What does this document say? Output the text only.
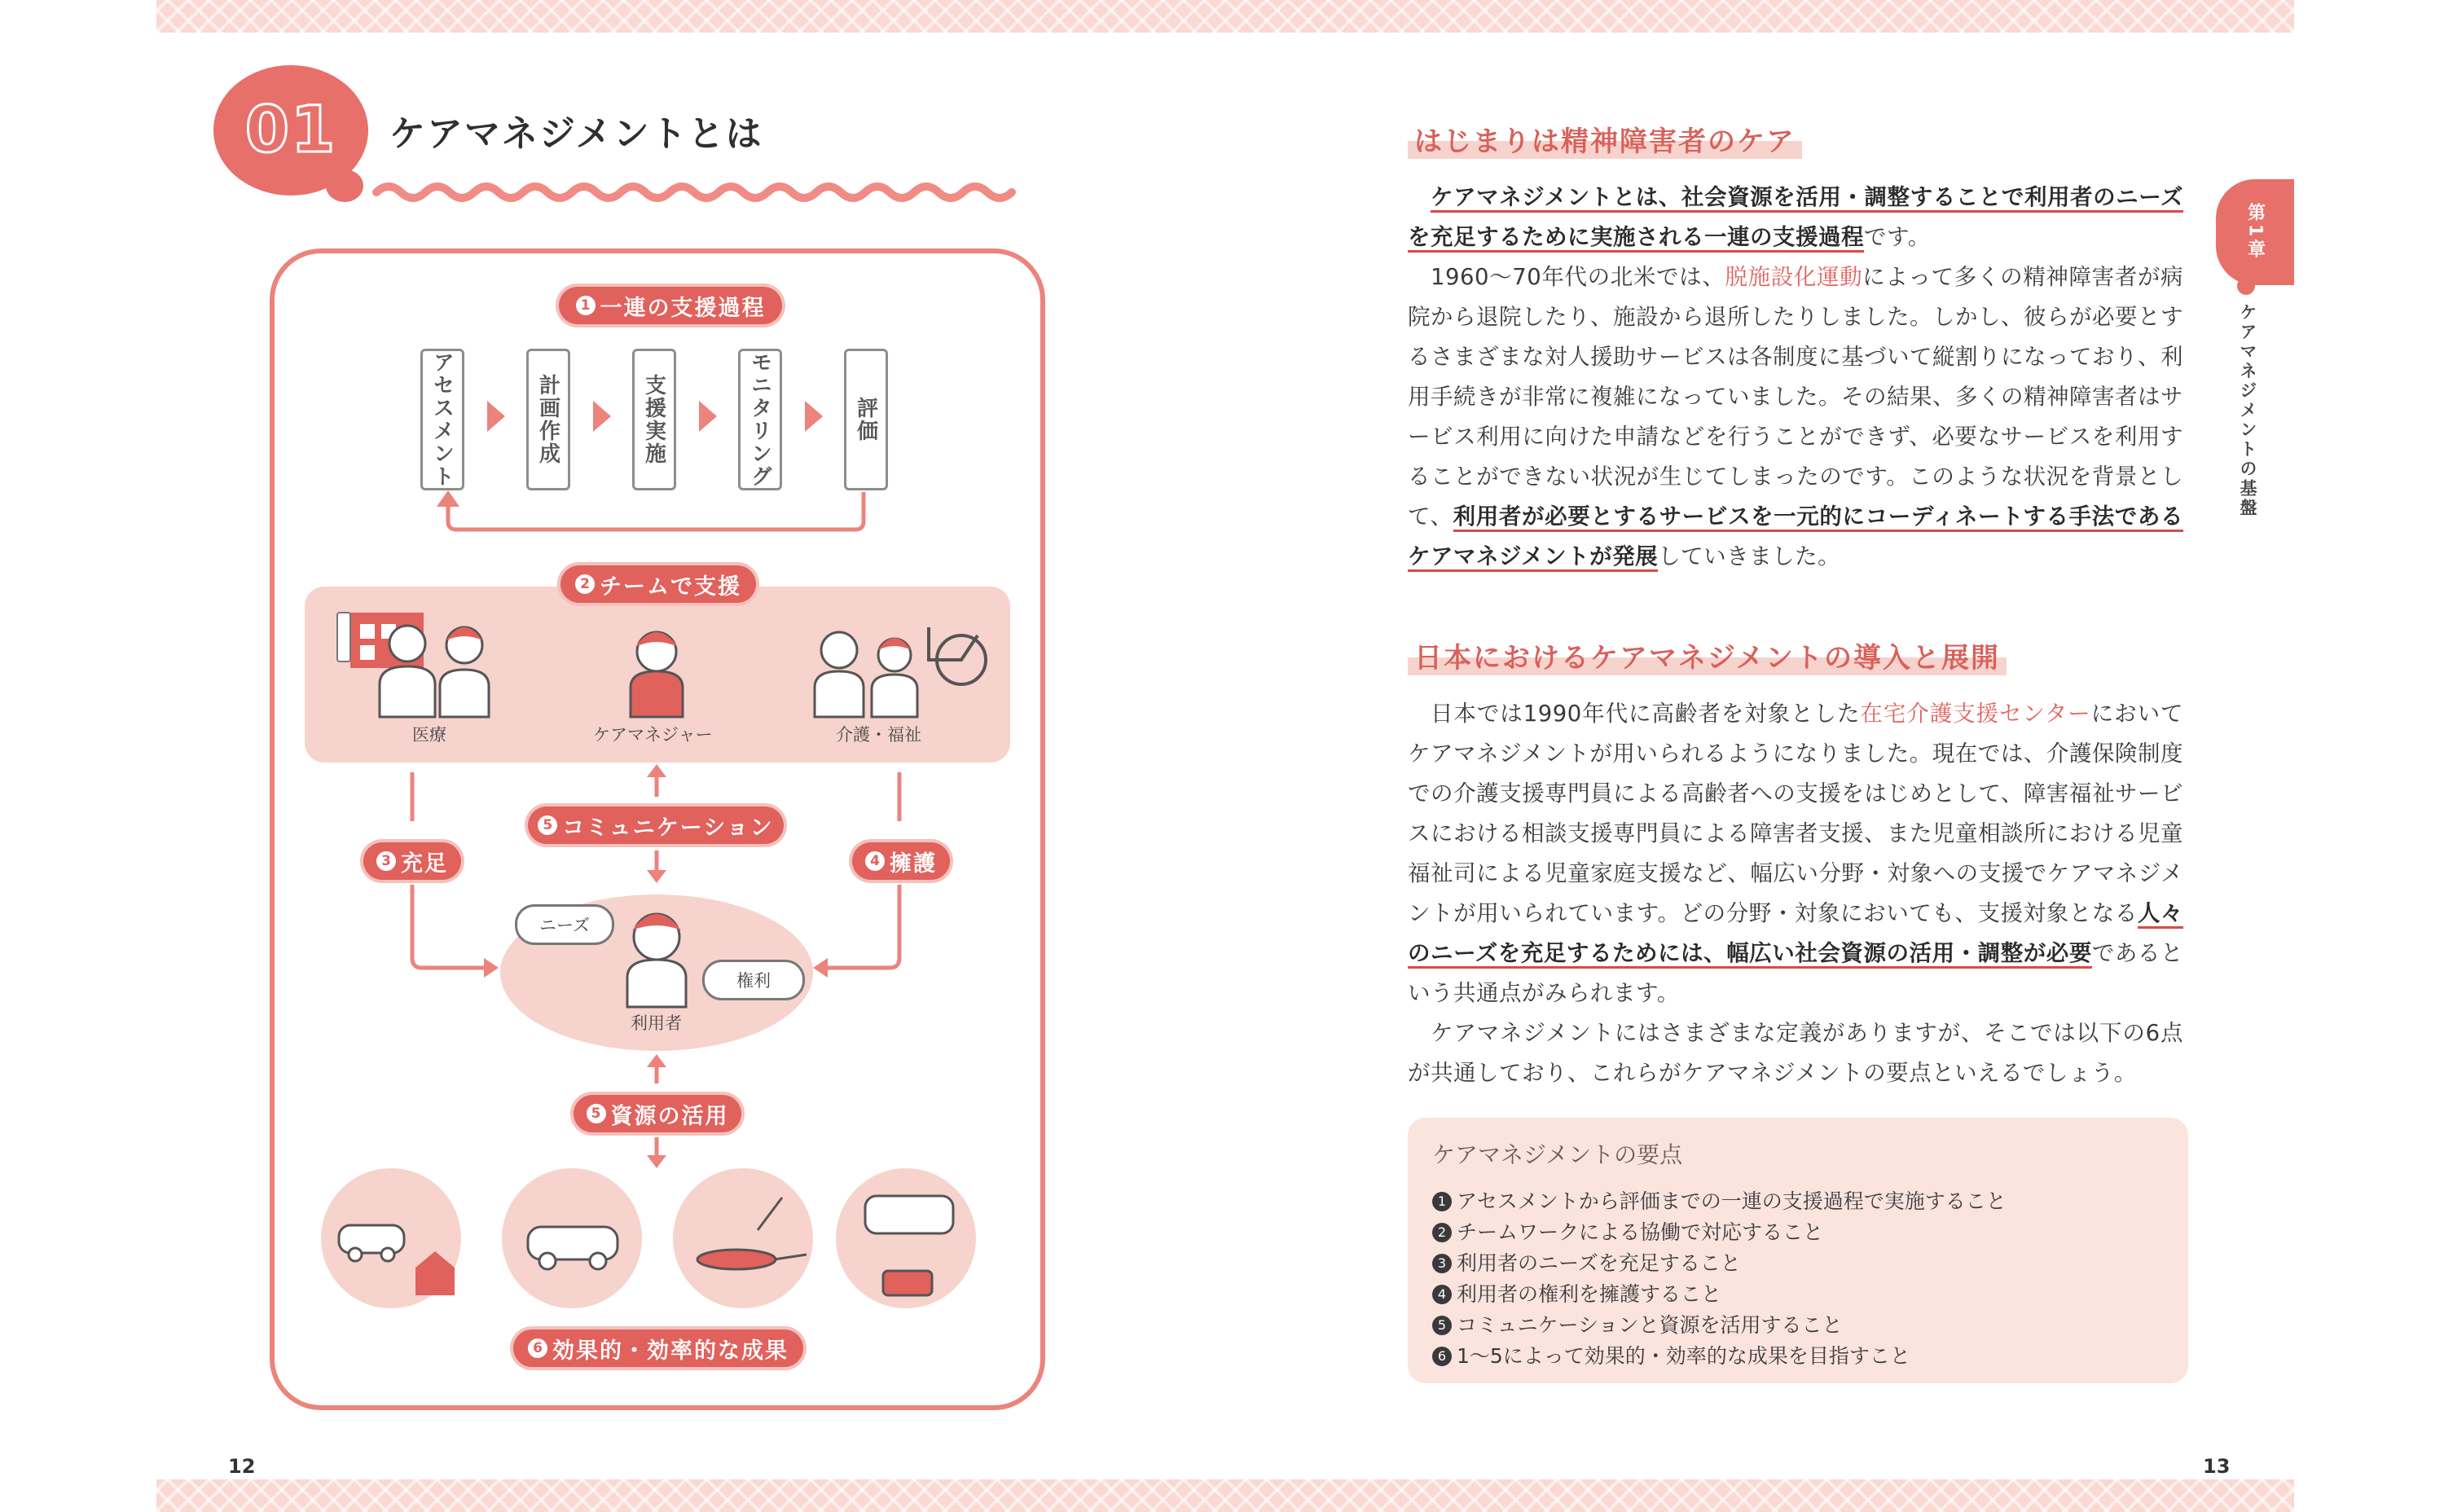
01 ケアマネジメントとは
1 一連の支援過程
アセスメント	計画作成	支援実施	モニタリング	評価
2 チームで支援
医療	ケアマネジャー	介護・福祉
5 コミュニケーション
3 充足	4 擁護
ニーズ
権利
利用者
5 資源の活用
6 効果的・効率的な成果
12
第1章
ケアマネジメントの基盤
はじまりは精神障害者のケア
ケアマネジメントとは、社会資源を活用・調整することで利用者のニーズを充足するために実施される一連の支援過程です。
1960〜70年代の北米では、脱施設化運動によって多くの精神障害者が病院から退院したり、施設から退所したりしました。しかし、彼らが必要とするさまざまな対人援助サービスは各制度に基づいて縦割りになっており、利用手続きが非常に複雑になっていました。その結果、多くの精神障害者はサービス利用に向けた申請などを行うことができず、必要なサービスを利用することができない状況が生じてしまったのです。このような状況を背景として、利用者が必要とするサービスを一元的にコーディネートする手法であるケアマネジメントが発展していきました。
日本におけるケアマネジメントの導入と展開
日本では1990年代に高齢者を対象とした在宅介護支援センターにおいてケアマネジメントが用いられるようになりました。現在では、介護保険制度での介護支援専門員による高齢者への支援をはじめとして、障害福祉サービスにおける相談支援専門員による障害者支援、また児童相談所における児童福祉司による児童家庭支援など、幅広い分野・対象への支援でケアマネジメントが用いられています。どの分野・対象においても、支援対象となる人々のニーズを充足するためには、幅広い社会資源の活用・調整が必要であるという共通点がみられます。
ケアマネジメントにはさまざまな定義がありますが、そこでは以下の6点が共通しており、これらがケアマネジメントの要点といえるでしょう。
ケアマネジメントの要点
1 アセスメントから評価までの一連の支援過程で実施すること
2 チームワークによる協働で対応すること
3 利用者のニーズを充足すること
4 利用者の権利を擁護すること
5 コミュニケーションと資源を活用すること
6 1〜5によって効果的・効率的な成果を目指すこと
13
